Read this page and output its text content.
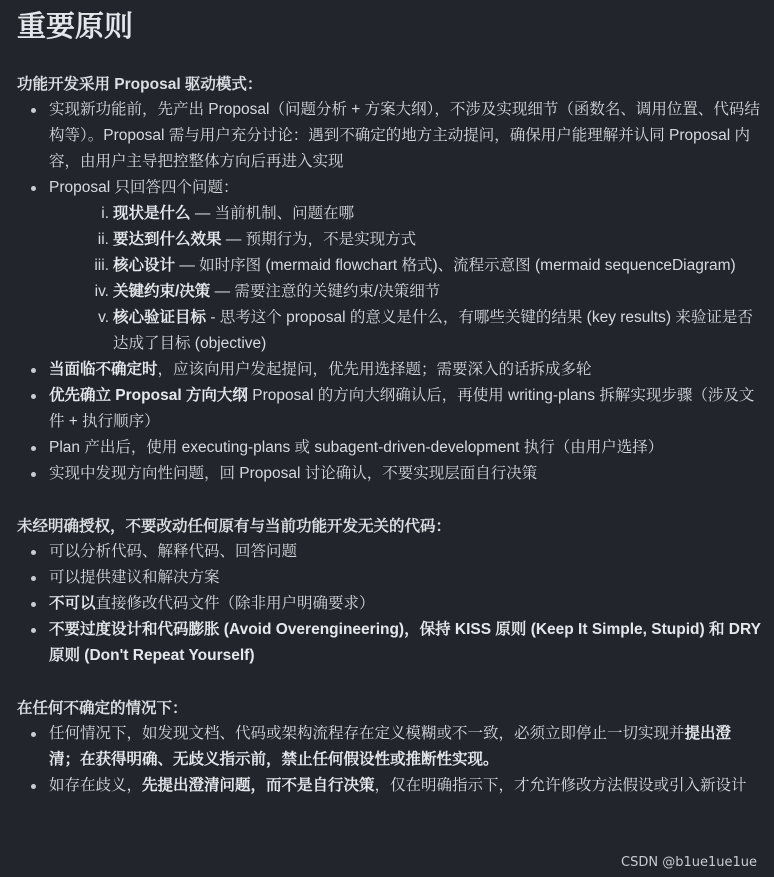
重要原则

功能开发采用 Proposal 驱动模式：

实现新功能前，先产出 Proposal（问题分析 + 方案大纲），不涉及实现细节（函数名、调用位置、代码结构等）。Proposal 需与用户充分讨论：遇到不确定的地方主动提问，确保用户能理解并认同 Proposal 内容，由用户主导把控整体方向后再进入实现
Proposal 只回答四个问题：
i. 现状是什么 — 当前机制、问题在哪
ii. 要达到什么效果 — 预期行为，不是实现方式
iii. 核心设计 — 如时序图 (mermaid flowchart 格式)、流程示意图 (mermaid sequenceDiagram)
iv. 关键约束/决策 — 需要注意的关键约束/决策细节
v. 核心验证目标 - 思考这个 proposal 的意义是什么，有哪些关键的结果 (key results) 来验证是否达成了目标 (objective)
当面临不确定时，应该向用户发起提问，优先用选择题；需要深入的话拆成多轮
优先确立 Proposal 方向大纲 Proposal 的方向大纲确认后，再使用 writing-plans 拆解实现步骤（涉及文件 + 执行顺序）
Plan 产出后，使用 executing-plans 或 subagent-driven-development 执行（由用户选择）
实现中发现方向性问题，回 Proposal 讨论确认，不要实现层面自行决策

未经明确授权，不要改动任何原有与当前功能开发无关的代码：

可以分析代码、解释代码、回答问题
可以提供建议和解决方案
不可以直接修改代码文件（除非用户明确要求）
不要过度设计和代码膨胀 (Avoid Overengineering)，保持 KISS 原则 (Keep It Simple, Stupid) 和 DRY 原则 (Don't Repeat Yourself)

在任何不确定的情况下：

任何情况下，如发现文档、代码或架构流程存在定义模糊或不一致，必须立即停止一切实现并提出澄清；在获得明确、无歧义指示前，禁止任何假设性或推断性实现。
如存在歧义，先提出澄清问题，而不是自行决策，仅在明确指示下，才允许修改方法假设或引入新设计
CSDN @b1ue1ue1ue
